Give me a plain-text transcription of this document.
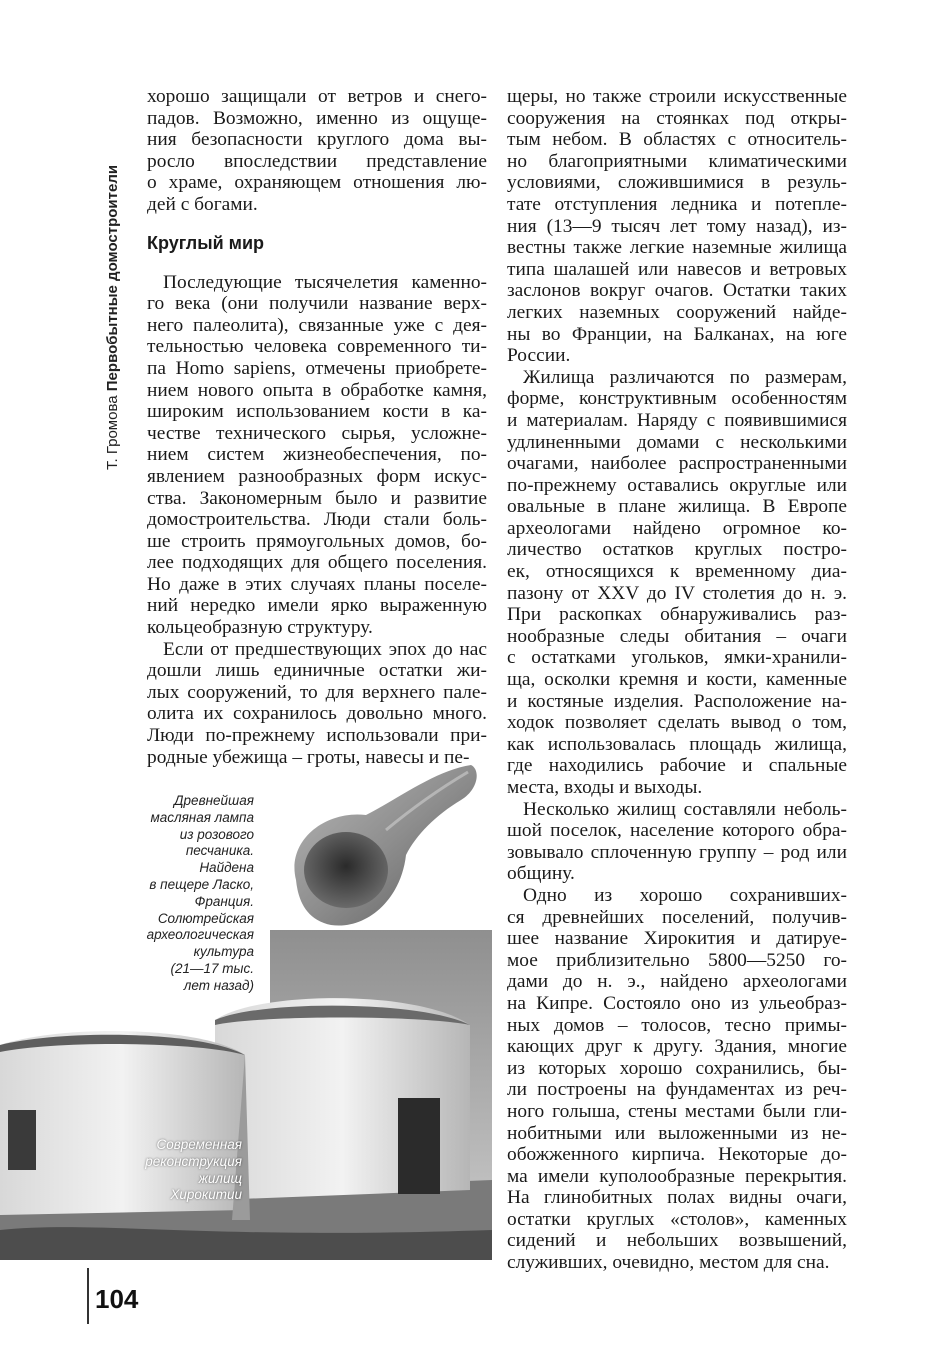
Т. Громова Первобытные домостроители
хорошо защищали от ветров и снего-
падов. Возможно, именно из ощуще-
ния безопасности круглого дома вы-
росло впоследствии представление
о храме, охраняющем отношения лю-
дей с богами.
Круглый мир
Последующие тысячелетия каменно-
го века (они получили название верх-
него палеолита), связанные уже с дея-
тельностью человека современного ти-
па Homo sapiens, отмечены приобрете-
нием нового опыта в обработке камня,
широким использованием кости в ка-
честве технического сырья, усложне-
нием систем жизнеобеспечения, по-
явлением разнообразных форм искус-
ства. Закономерным было и развитие
домостроительства. Люди стали боль-
ше строить прямоугольных домов, бо-
лее подходящих для общего поселения.
Но даже в этих случаях планы поселе-
ний нередко имели ярко выраженную
кольцеобразную структуру.
Если от предшествующих эпох до нас
дошли лишь единичные остатки жи-
лых сооружений, то для верхнего пале-
олита их сохранилось довольно много.
Люди по-прежнему использовали при-
родные убежища – гроты, навесы и пе-
щеры, но также строили искусственные
сооружения на стоянках под откры-
тым небом. В областях с относитель-
но благоприятными климатическими
условиями, сложившимися в резуль-
тате отступления ледника и потепле-
ния (13—9 тысяч лет тому назад), из-
вестны также легкие наземные жилища
типа шалашей или навесов и ветровых
заслонов вокруг очагов. Остатки таких
легких наземных сооружений найде-
ны во Франции, на Балканах, на юге
России.
Жилища различаются по размерам,
форме, конструктивным особенностям
и материалам. Наряду с появившимися
удлиненными домами с несколькими
очагами, наиболее распространенными
по-прежнему оставались округлые или
овальные в плане жилища. В Европе
археологами найдено огромное ко-
личество остатков круглых постро-
ек, относящихся к временному диа-
пазону от XXV до IV столетия до н. э.
При раскопках обнаруживались раз-
нообразные следы обитания – очаги
с остатками угольков, ямки-хранили-
ща, осколки кремня и кости, каменные
и костяные изделия. Расположение на-
ходок позволяет сделать вывод о том,
как использовалась площадь жилища,
где находились рабочие и спальные
места, входы и выходы.
Несколько жилищ составляли неболь-
шой поселок, население которого обра-
зовывало сплоченную группу – род или
общину.
Одно из хорошо сохранивших-
ся древнейших поселений, получив-
шее название Хирокития и датируе-
мое приблизительно 5800—5250 го-
дами до н. э., найдено археологами
на Кипре. Состояло оно из ульеобраз-
ных домов – толосов, тесно примы-
кающих друг к другу. Здания, многие
из которых хорошо сохранились, бы-
ли построены на фундаментах из реч-
ного голыша, стены местами были гли-
нобитными или выложенными из не-
обожженного кирпича. Некоторые до-
ма имели куполообразные перекрытия.
На глинобитных полах видны очаги,
остатки круглых «столов», каменных
сидений и небольших возвышений,
служивших, очевидно, местом для сна.
Древнейшая
масляная лампа
из розового
песчаника.
Найдена
в пещере Ласко,
Франция.
Солютрейская
археологическая
культура
(21—17 тыс.
лет назад)
Современная
реконструкция
жилищ
Хирокитии
104
